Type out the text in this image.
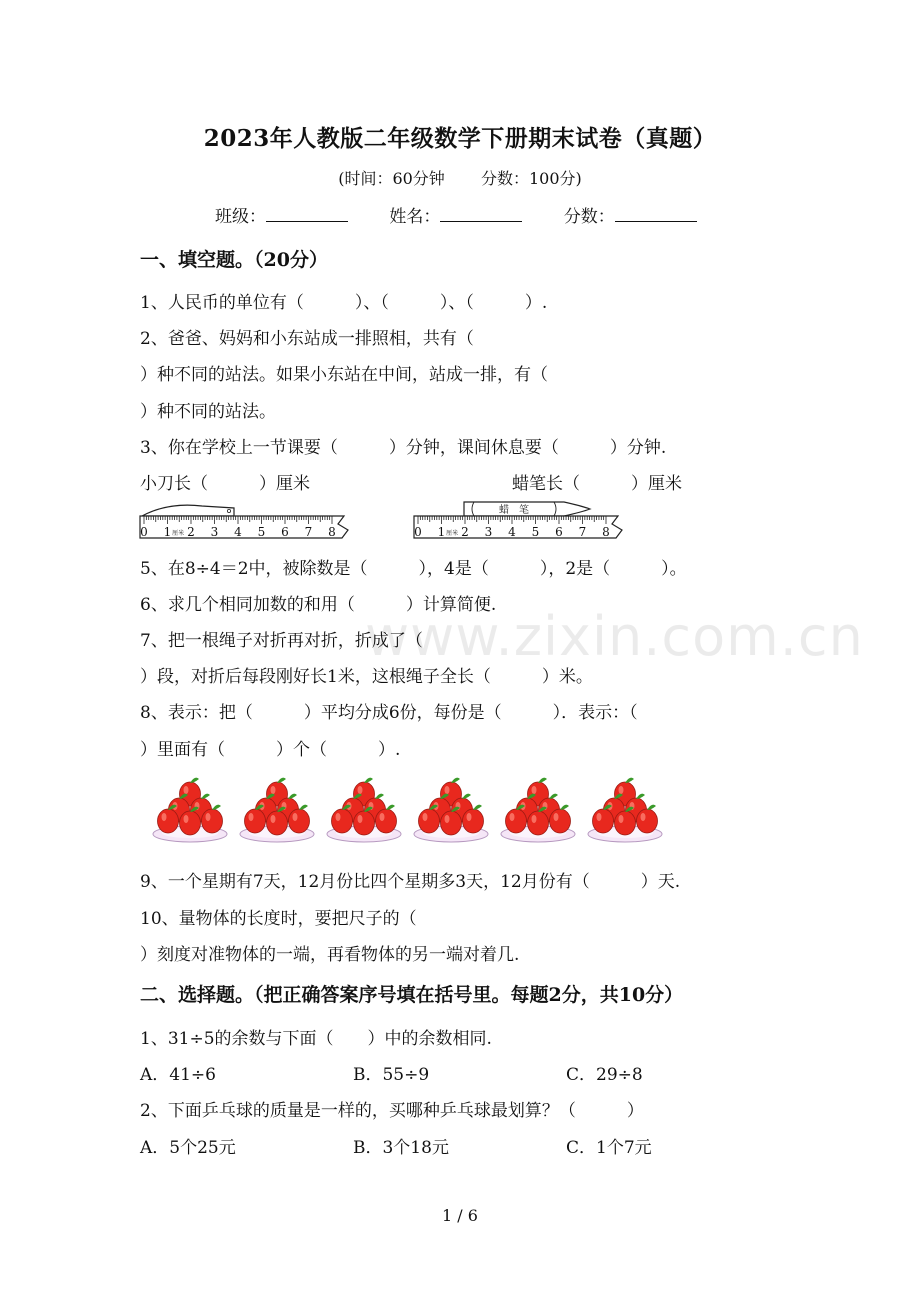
2023年人教版二年级数学下册期末试卷（真题）
(时间：60分钟 分数：100分)
班级：	姓名：	分数：
一、填空题。（20分）
1、人民币的单位有（　　　）、（　　　）、（　　　）.
2、爸爸、妈妈和小东站成一排照相，共有（
）种不同的站法。如果小东站在中间，站成一排，有（
）种不同的站法。
3、你在学校上一节课要（　　　）分钟，课间休息要（　　　）分钟.
小刀长（　　　）厘米	蜡笔长（　　　）厘米
0 1 2 3 4 5 6 7 8
厘米
蜡　笔
0 1 2 3 4 5 6 7 8
厘米
5、在8÷4＝2中，被除数是（　　　），4是（　　　），2是（　　　）。
6、求几个相同加数的和用（　　　）计算简便.
7、把一根绳子对折再对折，折成了（
）段，对折后每段刚好长1米，这根绳子全长（　　　）米。
8、表示：把（　　　）平均分成6份，每份是（　　　）．表示：（
）里面有（　　　）个（　　　）.
9、一个星期有7天，12月份比四个星期多3天，12月份有（　　　）天.
10、量物体的长度时，要把尺子的（
）刻度对准物体的一端，再看物体的另一端对着几.
二、选择题。（把正确答案序号填在括号里。每题2分，共10分）
1、31÷5的余数与下面（　　）中的余数相同.
A．41÷6	B．55÷9	C．29÷8
2、下面乒乓球的质量是一样的，买哪种乒乓球最划算？（　　　）
A．5个25元	B．3个18元	C．1个7元
1 / 6
www.zixin.com.cn
